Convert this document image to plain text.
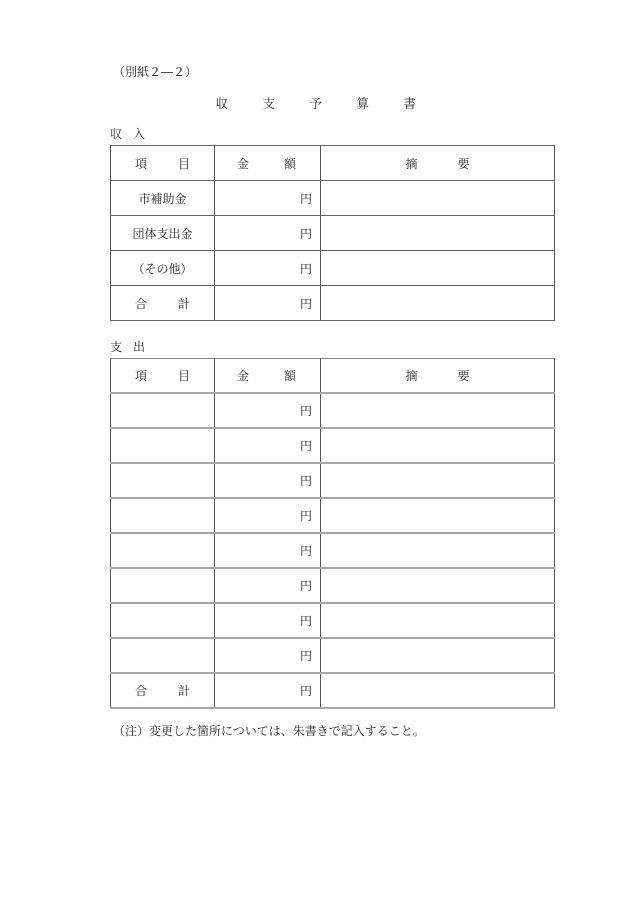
（別紙２―２）
収	支	予	算	書
収入
項 目	金 額	摘 要

市補助金	円	
団体支出金	円	
（その他）	円	

合 計	円	
支出
項 目	金 額	摘 要

	円	
	円	
	円	
	円	
	円	
	円	
	円	
	円	

合 計	円	
（注）変更した箇所については、朱書きで記入すること。
